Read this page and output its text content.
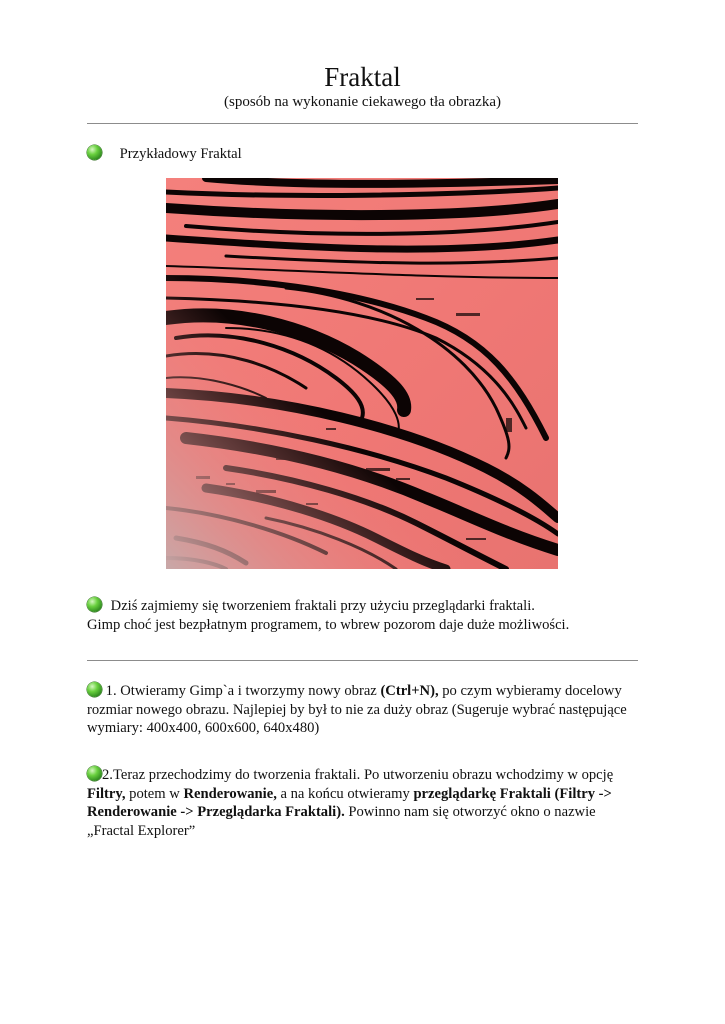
Fraktal
(sposób na wykonanie ciekawego tła obrazka)
Przykładowy Fraktal
Dziś zajmiemy się tworzeniem fraktali przy użyciu przeglądarki fraktali.
Gimp choć jest bezpłatnym programem, to wbrew pozorom daje duże możliwości.
1. Otwieramy Gimp`a i tworzymy nowy obraz (Ctrl+N), po czym wybieramy docelowy rozmiar nowego obrazu. Najlepiej by był to nie za duży obraz (Sugeruje wybrać następujące wymiary: 400x400, 600x600, 640x480)
2.Teraz przechodzimy do tworzenia fraktali. Po utworzeniu obrazu wchodzimy w opcję Filtry, potem w Renderowanie, a na końcu otwieramy przeglądarkę Fraktali (Filtry -> Renderowanie -> Przeglądarka Fraktali). Powinno nam się otworzyć okno o nazwie „Fractal Explorer”
